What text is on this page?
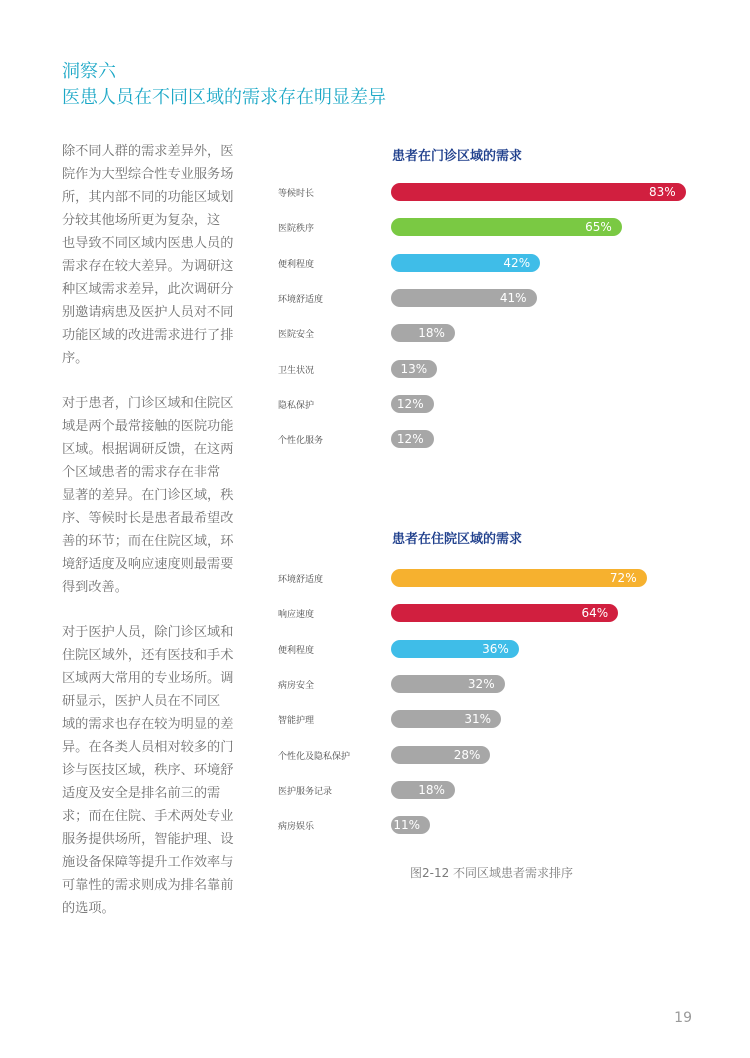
洞察六
医患人员在不同区域的需求存在明显差异

除不同人群的需求差异外，医
院作为大型综合性专业服务场
所，其内部不同的功能区域划
分较其他场所更为复杂，这
也导致不同区域内医患人员的
需求存在较大差异。为调研这
种区域需求差异，此次调研分
别邀请病患及医护人员对不同
功能区域的改进需求进行了排
序。

对于患者，门诊区域和住院区
域是两个最常接触的医院功能
区域。根据调研反馈，在这两
个区域患者的需求存在非常
显著的差异。在门诊区域，秩
序、等候时长是患者最希望改
善的环节；而在住院区域，环
境舒适度及响应速度则最需要
得到改善。

对于医护人员，除门诊区域和
住院区域外，还有医技和手术
区域两大常用的专业场所。调
研显示，医护人员在不同区
域的需求也存在较为明显的差
异。在各类人员相对较多的门
诊与医技区域，秩序、环境舒
适度及安全是排名前三的需
求；而在住院、手术两处专业
服务提供场所，智能护理、设
施设备保障等提升工作效率与
可靠性的需求则成为排名靠前
的选项。

患者在门诊区域的需求
等候时长	83%
医院秩序	65%
便利程度	42%
环境舒适度	41%
医院安全	18%
卫生状况	13%
隐私保护	12%
个性化服务	12%
患者在住院区域的需求
环境舒适度	72%
响应速度	64%
便利程度	36%
病房安全	32%
智能护理	31%
个性化及隐私保护	28%
医护服务记录	18%
病房娱乐	11%
图2-12 不同区域患者需求排序
19
